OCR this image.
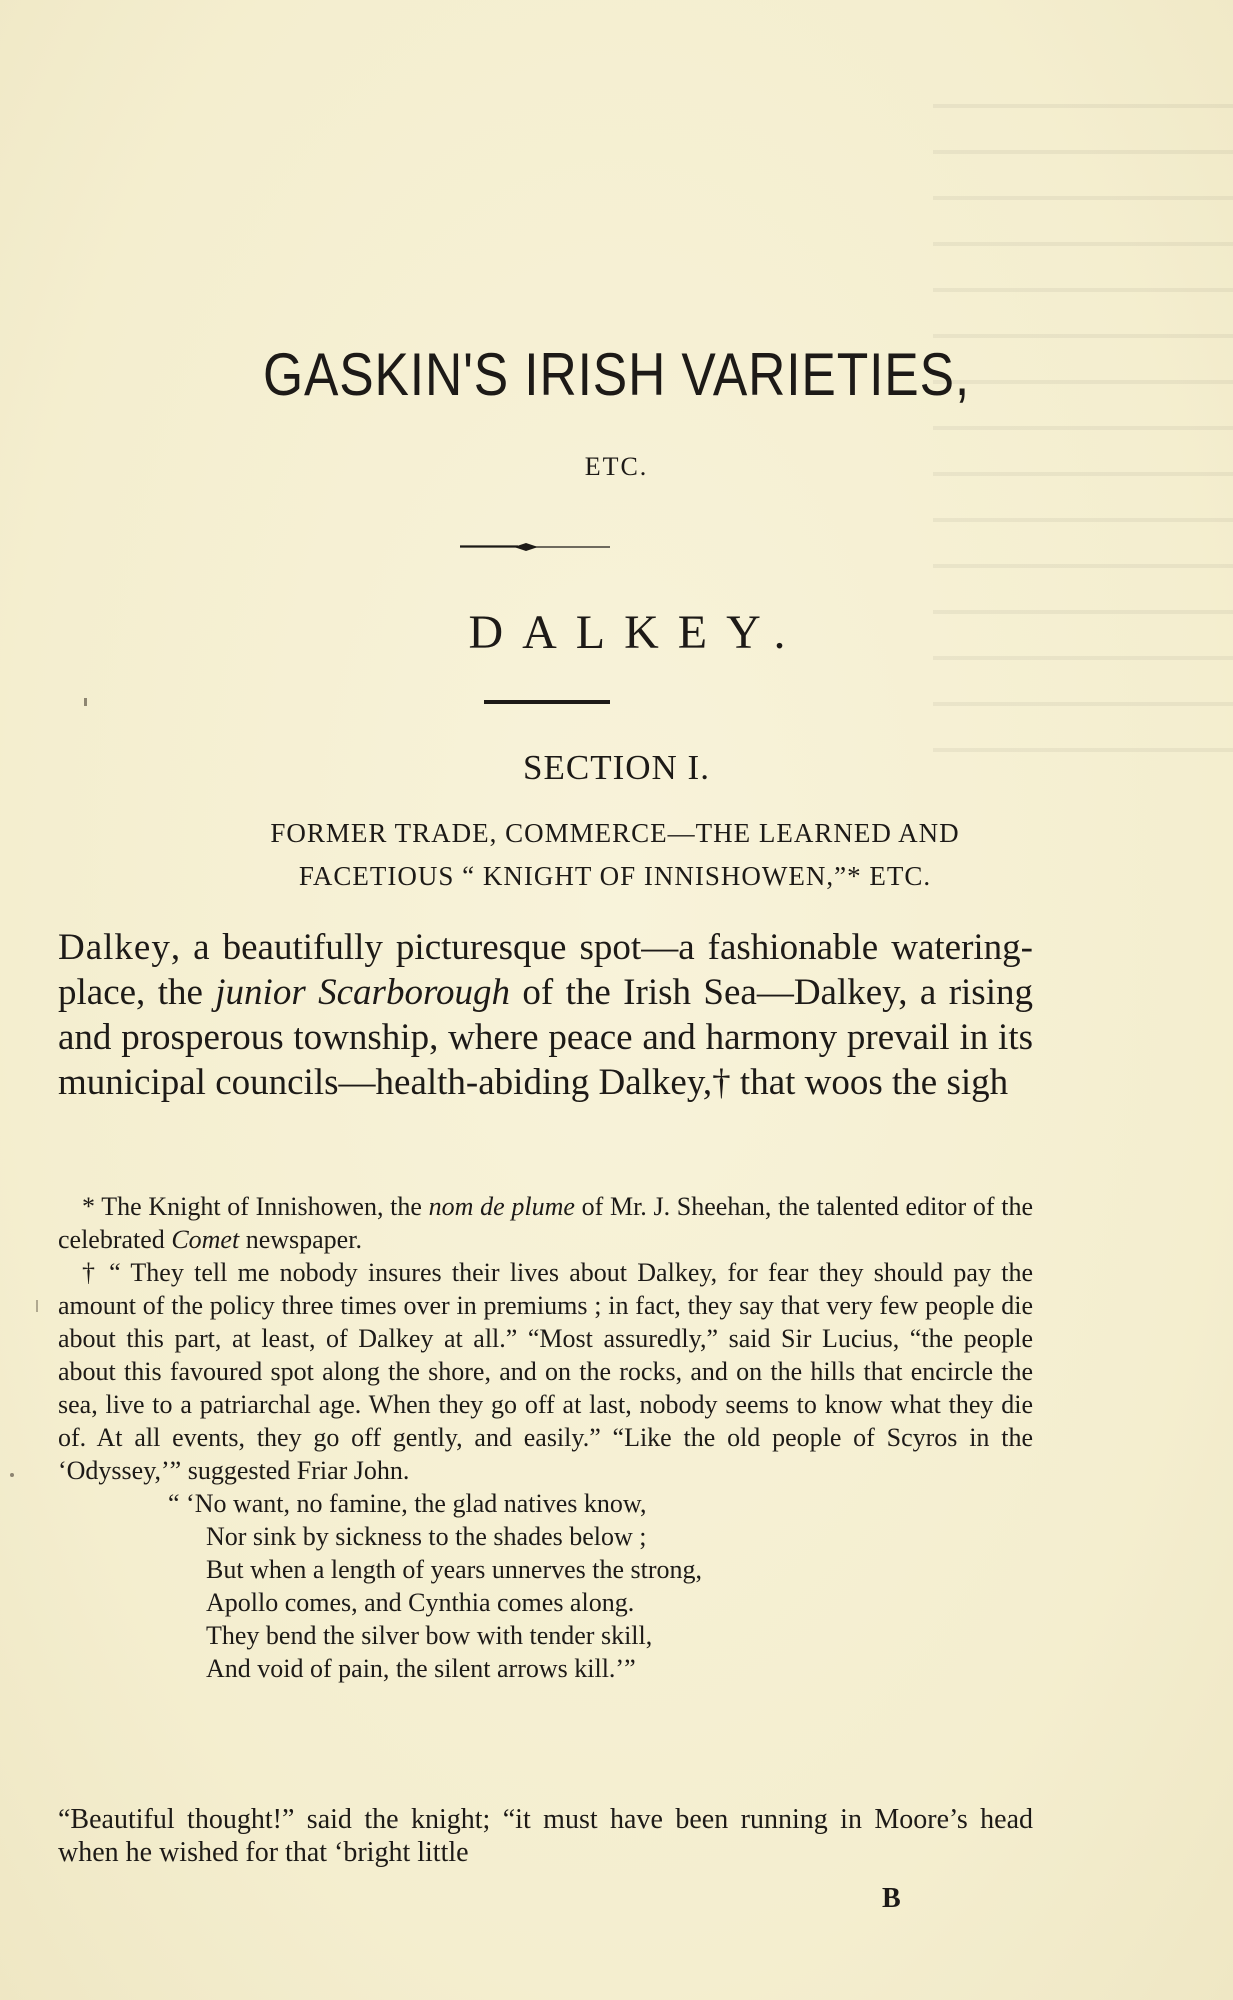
GASKIN'S IRISH VARIETIES,
ETC.
DALKEY.
SECTION I.
FORMER TRADE, COMMERCE—THE LEARNED AND
FACETIOUS “ KNIGHT OF INNISHOWEN,”* ETC.
Dalkey, a beautifully picturesque spot—a fashionable watering-place, the junior Scarborough of the Irish Sea—Dalkey, a rising and prosperous township, where peace and harmony prevail in its municipal councils—health-abiding Dalkey,† that woos the sigh

* The Knight of Innishowen, the nom de plume of Mr. J. Sheehan, the talented editor of the celebrated Comet newspaper.

† “ They tell me nobody insures their lives about Dalkey, for fear they should pay the amount of the policy three times over in premiums ; in fact, they say that very few people die about this part, at least, of Dalkey at all.” “Most assuredly,” said Sir Lucius, “the people about this favoured spot along the shore, and on the rocks, and on the hills that encircle the sea, live to a patriarchal age. When they go off at last, nobody seems to know what they die of. At all events, they go off gently, and easily.” “Like the old people of Scyros in the ‘Odyssey,’” suggested Friar John.

“ ‘No want, no famine, the glad natives know,
Nor sink by sickness to the shades below ;
But when a length of years unnerves the strong,
Apollo comes, and Cynthia comes along.
They bend the silver bow with tender skill,
And void of pain, the silent arrows kill.’”
“Beautiful thought!” said the knight; “it must have been running in Moore’s head when he wished for that ‘bright little
B
